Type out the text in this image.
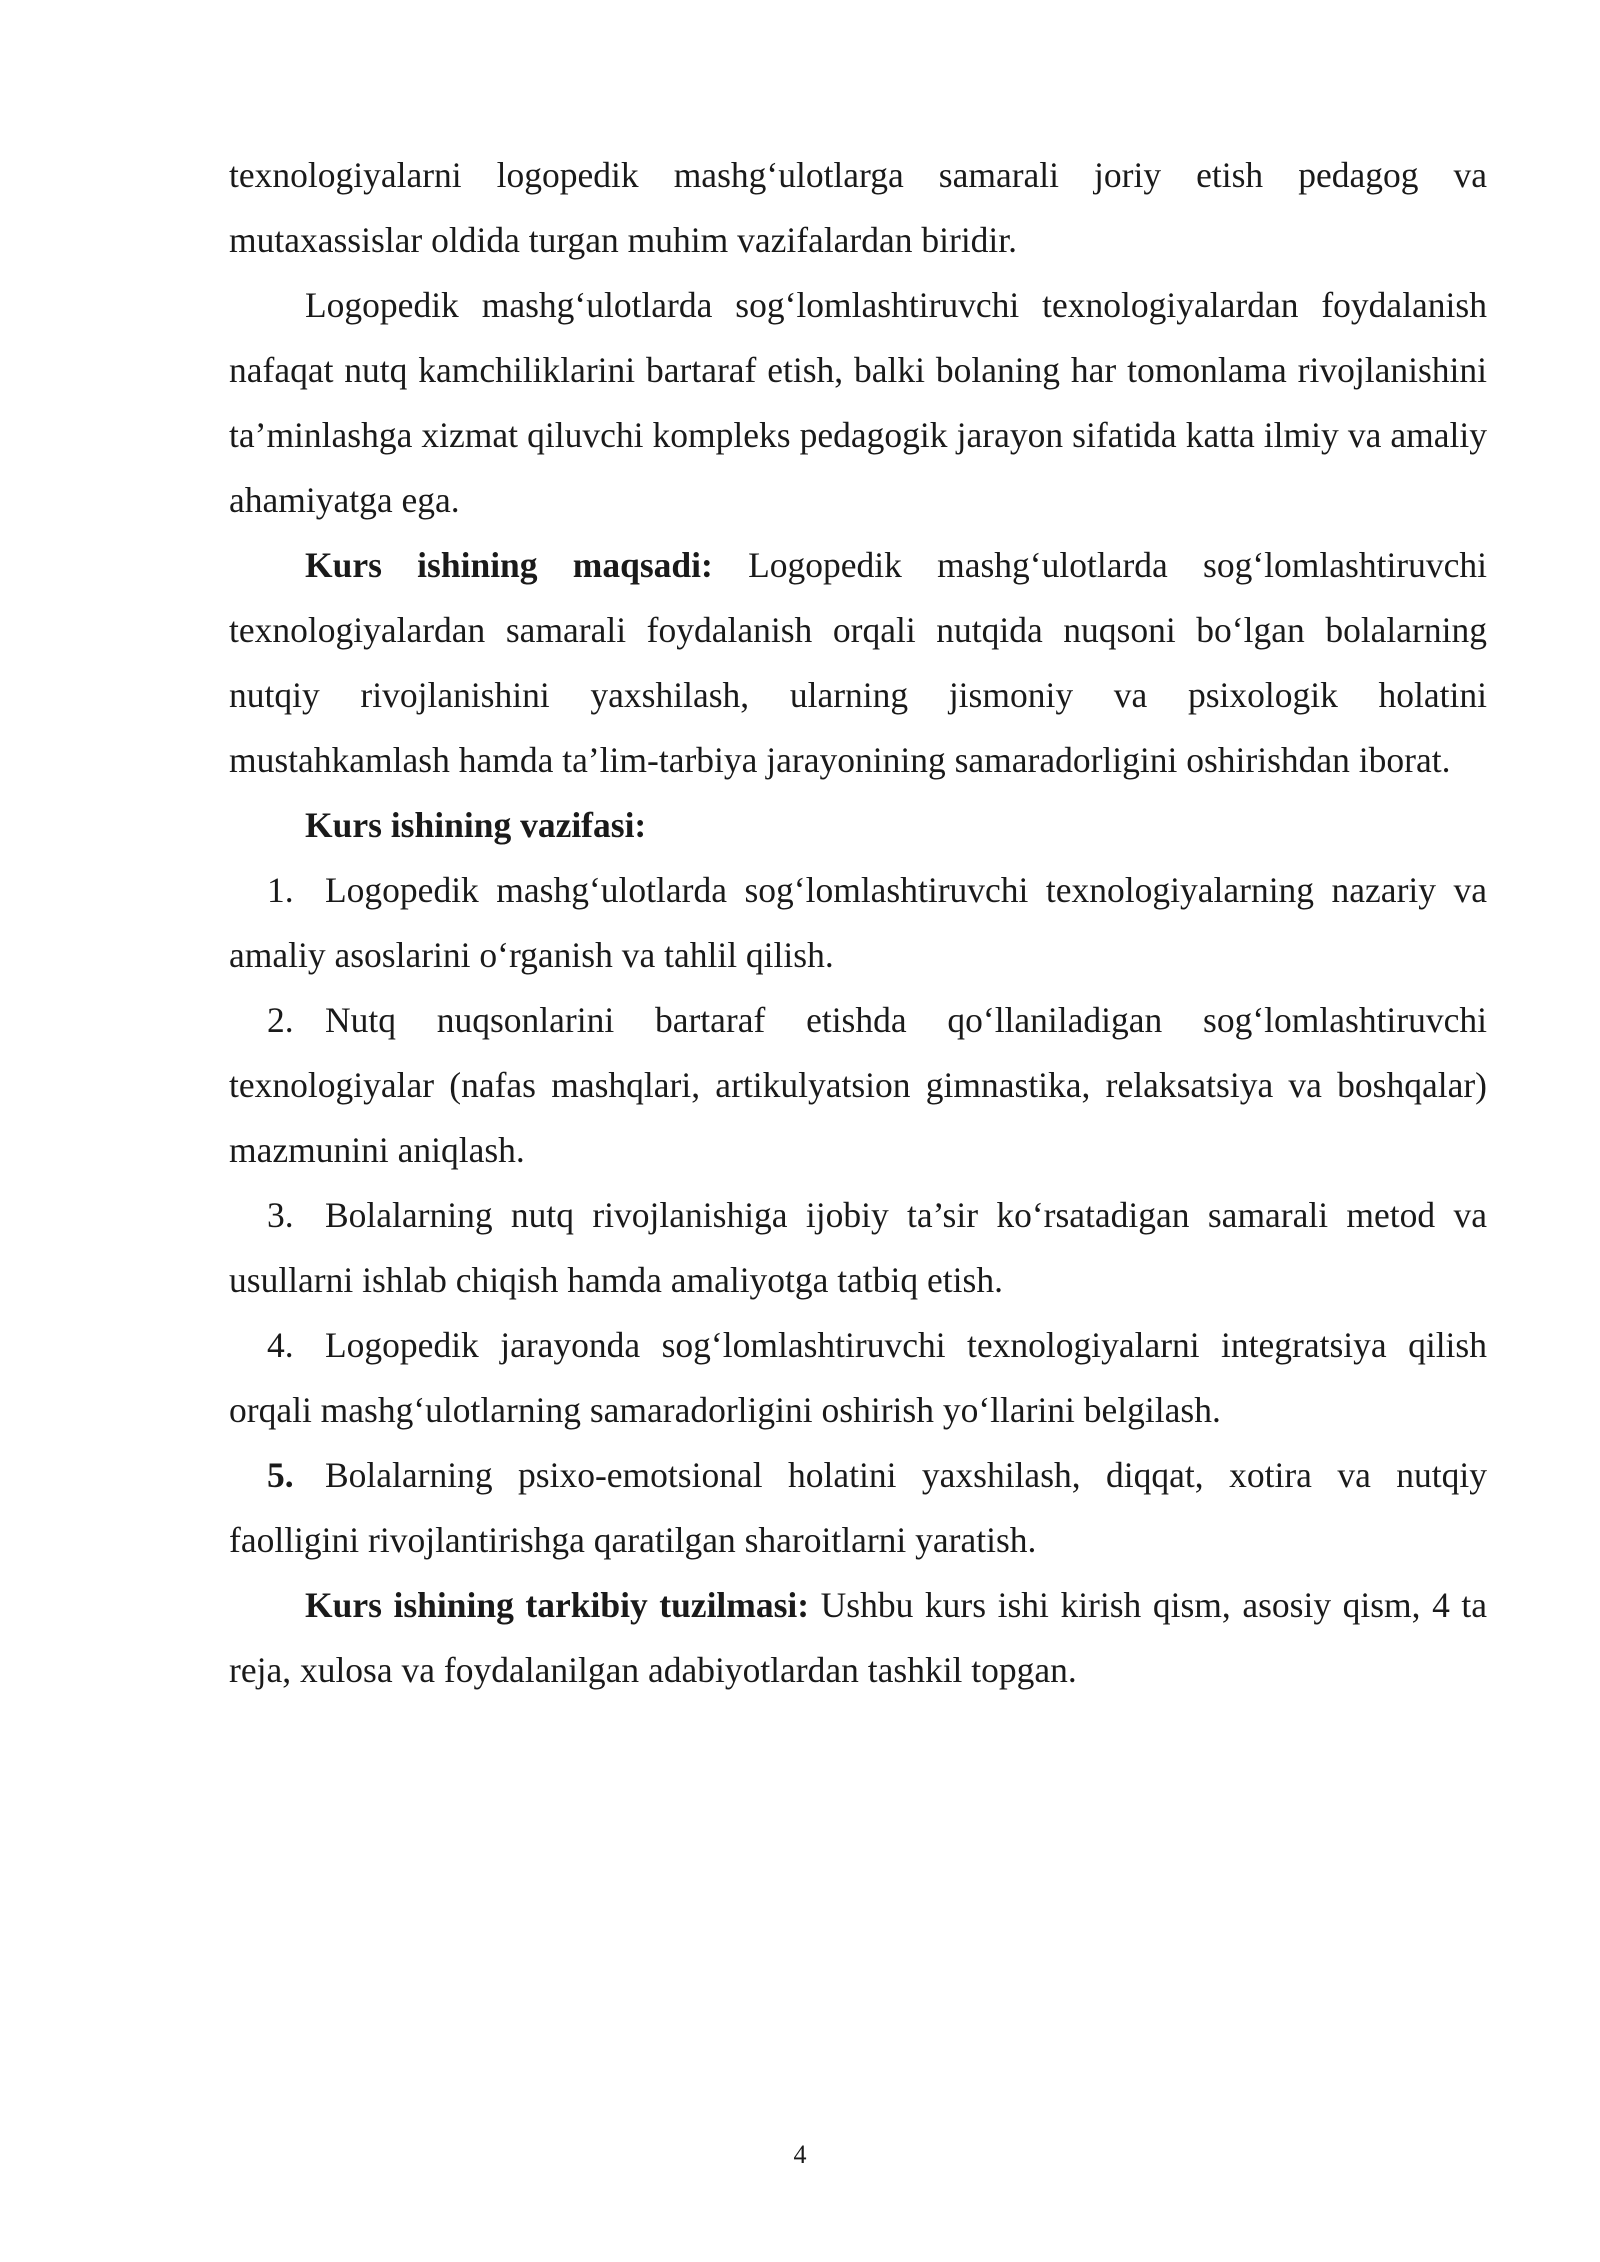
texnologiyalarni logopedik mashg‘ulotlarga samarali joriy etish pedagog va mutaxassislar oldida turgan muhim vazifalardan biridir.

Logopedik mashg‘ulotlarda sog‘lomlashtiruvchi texnologiyalardan foydalanish nafaqat nutq kamchiliklarini bartaraf etish, balki bolaning har tomonlama rivojlanishini ta’minlashga xizmat qiluvchi kompleks pedagogik jarayon sifatida katta ilmiy va amaliy ahamiyatga ega.

Kurs ishining maqsadi: Logopedik mashg‘ulotlarda sog‘lomlashtiruvchi texnologiyalardan samarali foydalanish orqali nutqida nuqsoni bo‘lgan bolalarning nutqiy rivojlanishini yaxshilash, ularning jismoniy va psixologik holatini mustahkamlash hamda ta’lim-tarbiya jarayonining samaradorligini oshirishdan iborat.

Kurs ishining vazifasi:

1. Logopedik mashg‘ulotlarda sog‘lomlashtiruvchi texnologiyalarning nazariy va amaliy asoslarini o‘rganish va tahlil qilish.

2. Nutq nuqsonlarini bartaraf etishda qo‘llaniladigan sog‘lomlashtiruvchi texnologiyalar (nafas mashqlari, artikulyatsion gimnastika, relaksatsiya va boshqalar) mazmunini aniqlash.

3. Bolalarning nutq rivojlanishiga ijobiy ta’sir ko‘rsatadigan samarali metod va usullarni ishlab chiqish hamda amaliyotga tatbiq etish.

4. Logopedik jarayonda sog‘lomlashtiruvchi texnologiyalarni integratsiya qilish orqali mashg‘ulotlarning samaradorligini oshirish yo‘llarini belgilash.

5. Bolalarning psixo-emotsional holatini yaxshilash, diqqat, xotira va nutqiy faolligini rivojlantirishga qaratilgan sharoitlarni yaratish.

Kurs ishining tarkibiy tuzilmasi: Ushbu kurs ishi kirish qism, asosiy qism, 4 ta reja, xulosa va foydalanilgan adabiyotlardan tashkil topgan.

4
